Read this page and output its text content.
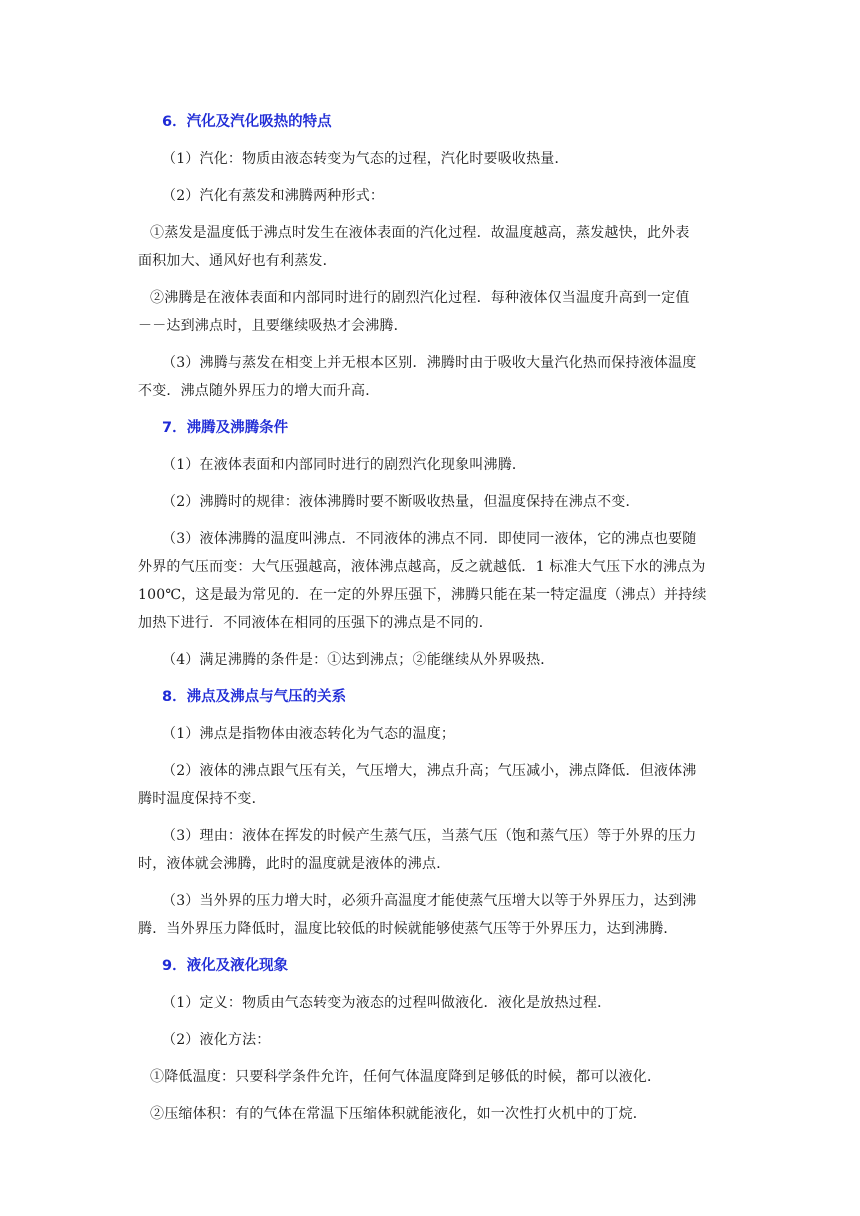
6．汽化及汽化吸热的特点
（1）汽化：物质由液态转变为气态的过程，汽化时要吸收热量．
（2）汽化有蒸发和沸腾两种形式：
①蒸发是温度低于沸点时发生在液体表面的汽化过程．故温度越高，蒸发越快，此外表
面积加大、通风好也有利蒸发．
②沸腾是在液体表面和内部同时进行的剧烈汽化过程．每种液体仅当温度升高到一定值
－－达到沸点时，且要继续吸热才会沸腾．
（3）沸腾与蒸发在相变上并无根本区别．沸腾时由于吸收大量汽化热而保持液体温度
不变．沸点随外界压力的增大而升高．
7．沸腾及沸腾条件
（1）在液体表面和内部同时进行的剧烈汽化现象叫沸腾．
（2）沸腾时的规律：液体沸腾时要不断吸收热量，但温度保持在沸点不变．
（3）液体沸腾的温度叫沸点．不同液体的沸点不同．即使同一液体，它的沸点也要随
外界的气压而变：大气压强越高，液体沸点越高，反之就越低．1 标准大气压下水的沸点为
100℃，这是最为常见的．在一定的外界压强下，沸腾只能在某一特定温度（沸点）并持续
加热下进行．不同液体在相同的压强下的沸点是不同的．
（4）满足沸腾的条件是：①达到沸点；②能继续从外界吸热．
8．沸点及沸点与气压的关系
（1）沸点是指物体由液态转化为气态的温度；
（2）液体的沸点跟气压有关，气压增大，沸点升高；气压减小，沸点降低．但液体沸
腾时温度保持不变．
（3）理由：液体在挥发的时候产生蒸气压，当蒸气压（饱和蒸气压）等于外界的压力
时，液体就会沸腾，此时的温度就是液体的沸点．
（3）当外界的压力增大时，必须升高温度才能使蒸气压增大以等于外界压力，达到沸
腾．当外界压力降低时，温度比较低的时候就能够使蒸气压等于外界压力，达到沸腾．
9．液化及液化现象
（1）定义：物质由气态转变为液态的过程叫做液化．液化是放热过程．
（2）液化方法：
①降低温度：只要科学条件允许，任何气体温度降到足够低的时候，都可以液化．
②压缩体积：有的气体在常温下压缩体积就能液化，如一次性打火机中的丁烷．
